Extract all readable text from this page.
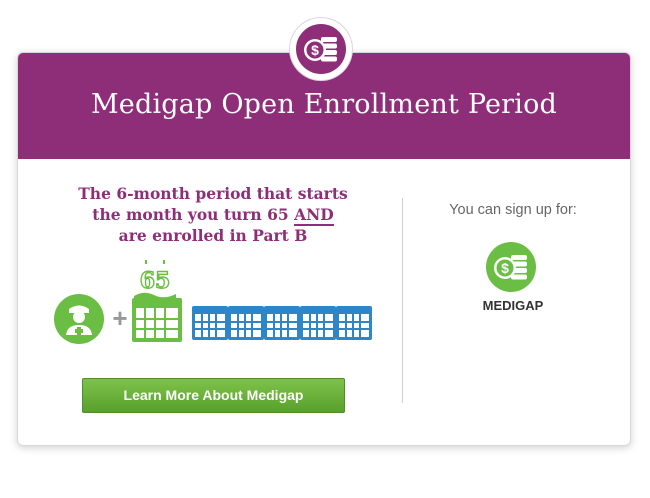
$
Medigap Open Enrollment Period
The 6-month period that starts
the month you turn 65 AND
are enrolled in Part B
+
65
Learn More About Medigap
You can sign up for:
$
MEDIGAP
